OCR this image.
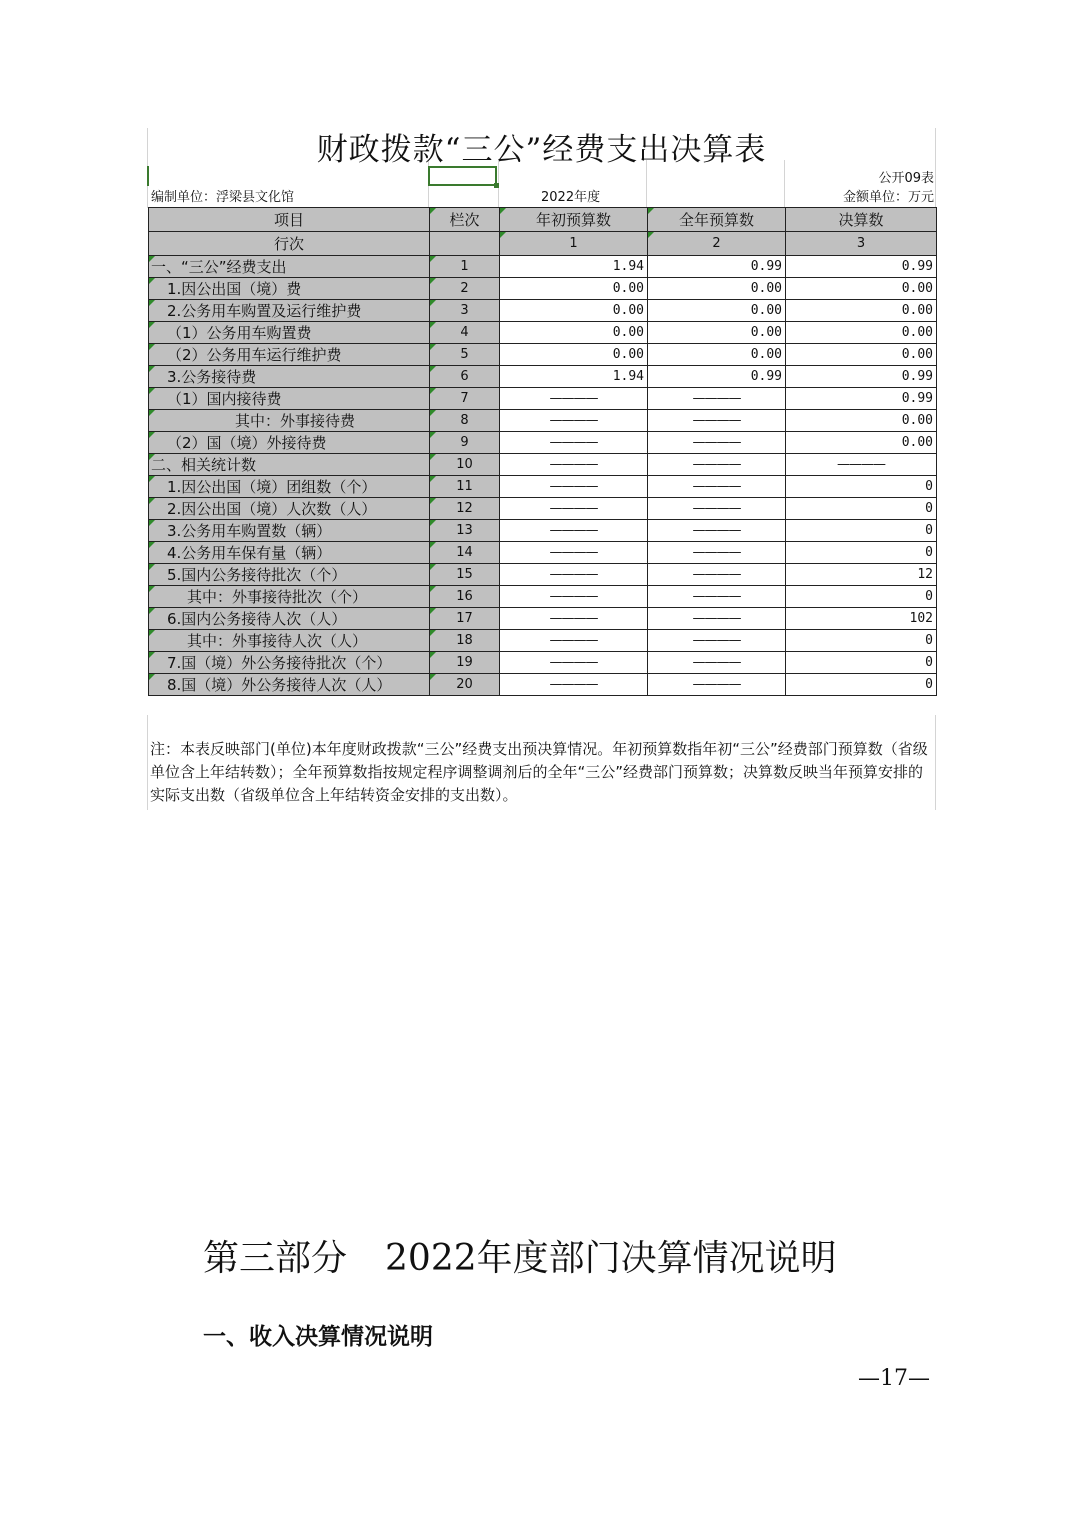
财政拨款“三公”经费支出决算表
公开09表
编制单位：浮梁县文化馆	2022年度	金额单位：万元
项目	栏次	年初预算数	全年预算数	决算数
行次		1	2	3
一、“三公”经费支出	1	1.94	0.99	0.99
1.因公出国（境）费	2	0.00	0.00	0.00
2.公务用车购置及运行维护费	3	0.00	0.00	0.00
（1）公务用车购置费	4	0.00	0.00	0.00
（2）公务用车运行维护费	5	0.00	0.00	0.00
3.公务接待费	6	1.94	0.99	0.99
（1）国内接待费	7	————	————	0.99
其中：外事接待费	8	————	————	0.00
（2）国（境）外接待费	9	————	————	0.00
二、相关统计数	10	————	————	————
1.因公出国（境）团组数（个）	11	————	————	0
2.因公出国（境）人次数（人）	12	————	————	0
3.公务用车购置数（辆）	13	————	————	0
4.公务用车保有量（辆）	14	————	————	0
5.国内公务接待批次（个）	15	————	————	12
其中：外事接待批次（个）	16	————	————	0
6.国内公务接待人次（人）	17	————	————	102
其中：外事接待人次（人）	18	————	————	0
7.国（境）外公务接待批次（个）	19	————	————	0
8.国（境）外公务接待人次（人）	20	————	————	0
注：本表反映部门(单位)本年度财政拨款“三公”经费支出预决算情况。年初预算数指年初“三公”经费部门预算数（省级单位含上年结转数）；全年预算数指按规定程序调整调剂后的全年“三公”经费部门预算数；决算数反映当年预算安排的实际支出数（省级单位含上年结转资金安排的支出数）。
第三部分 2022年度部门决算情况说明
一、收入决算情况说明
—17—
